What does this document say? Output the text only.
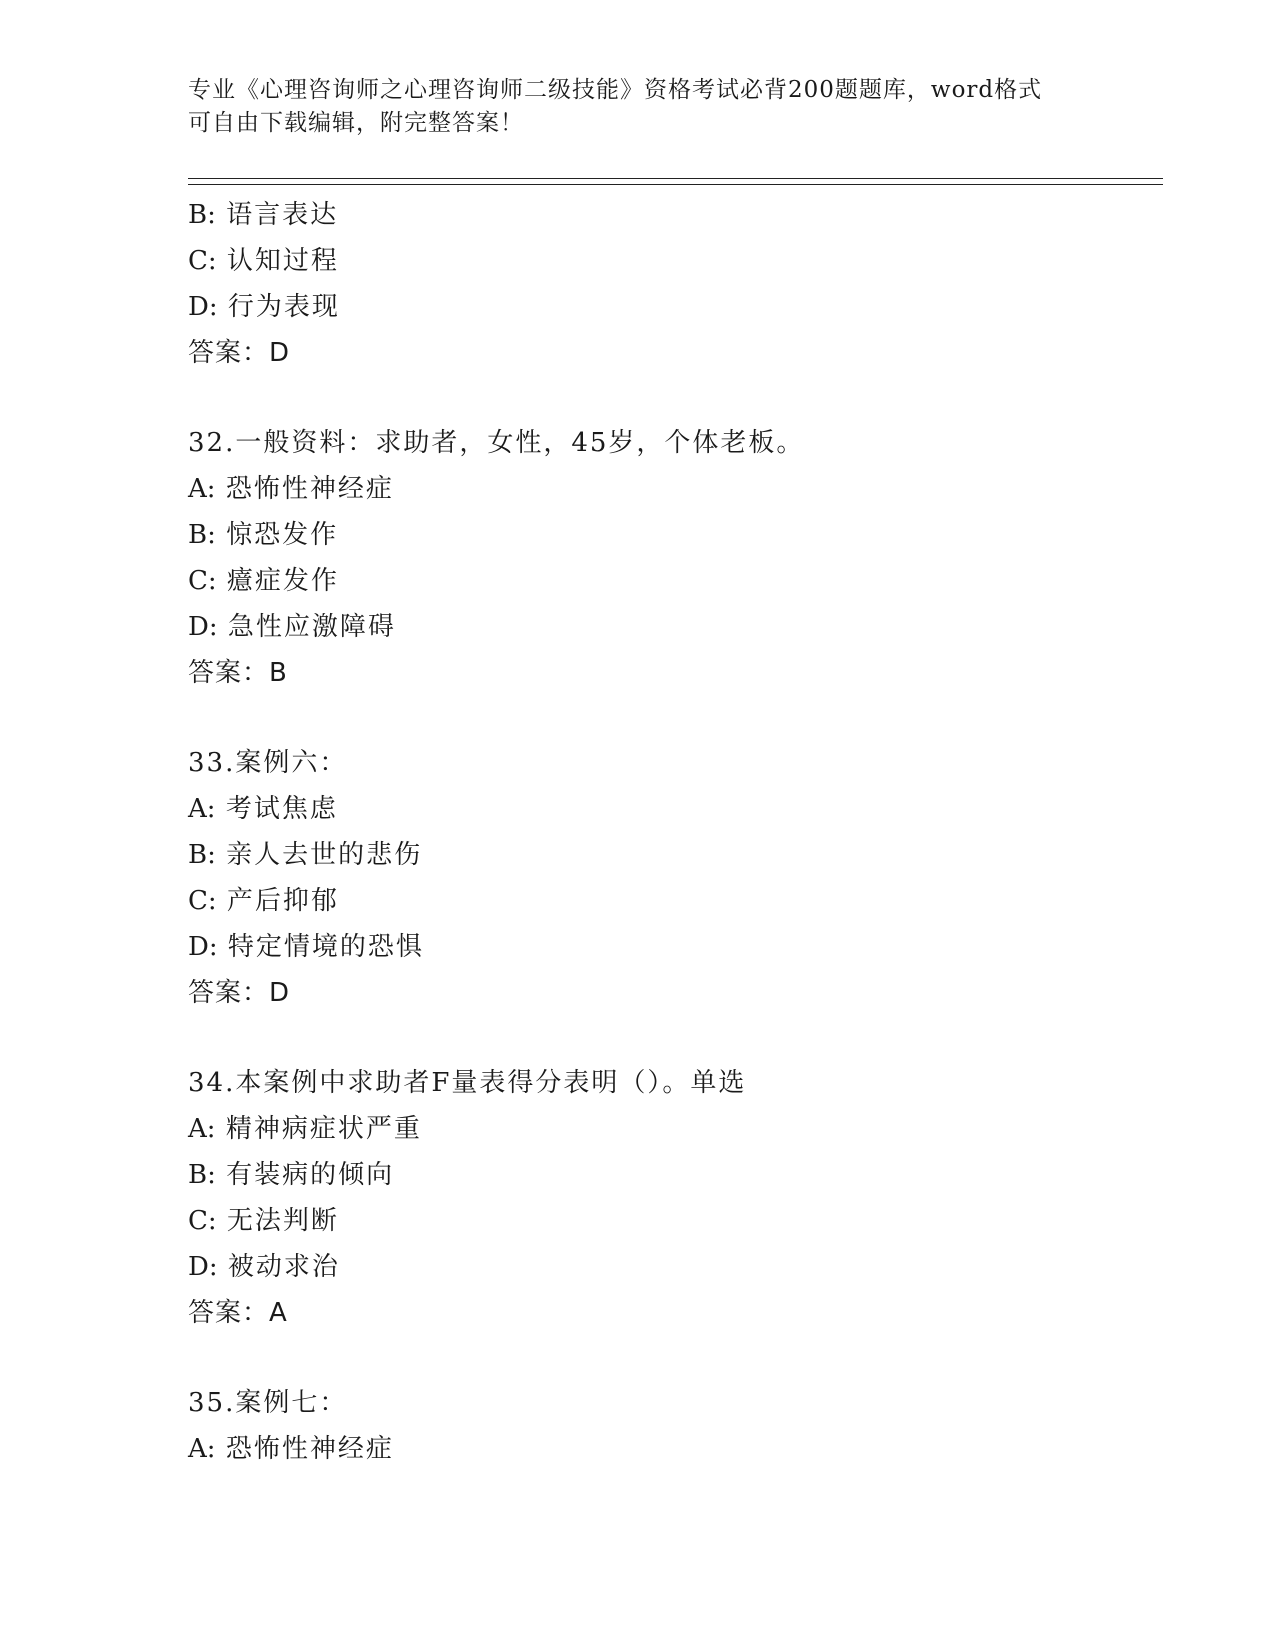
专业《心理咨询师之心理咨询师二级技能》资格考试必背200题题库，word格式
可自由下载编辑，附完整答案！
B: 语言表达
C: 认知过程
D: 行为表现
答案：D
32.一般资料：求助者，女性，45岁，个体老板。
A: 恐怖性神经症
B: 惊恐发作
C: 癔症发作
D: 急性应激障碍
答案：B
33.案例六：
A: 考试焦虑
B: 亲人去世的悲伤
C: 产后抑郁
D: 特定情境的恐惧
答案：D
34.本案例中求助者F量表得分表明（）。单选
A: 精神病症状严重
B: 有装病的倾向
C: 无法判断
D: 被动求治
答案：A
35.案例七：
A: 恐怖性神经症
